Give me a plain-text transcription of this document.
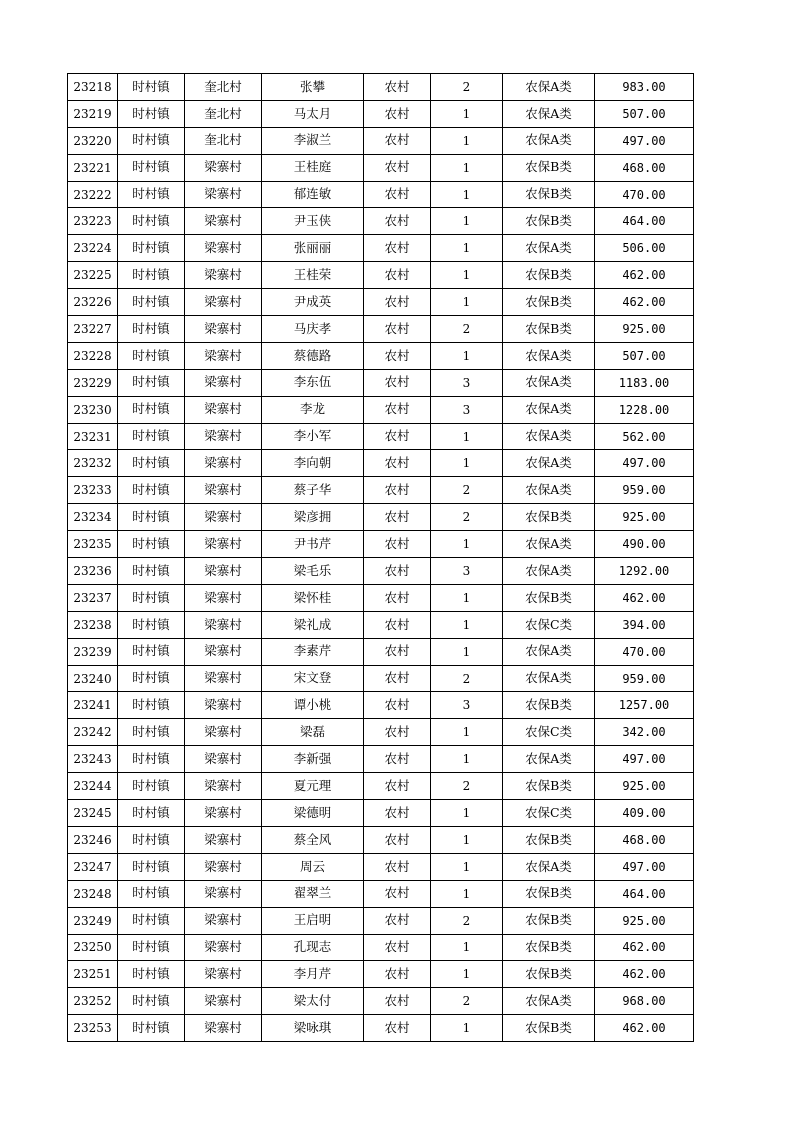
23218	时村镇	奎北村	张攀	农村	2	农保A类	983.00
23219	时村镇	奎北村	马太月	农村	1	农保A类	507.00
23220	时村镇	奎北村	李淑兰	农村	1	农保A类	497.00
23221	时村镇	梁寨村	王桂庭	农村	1	农保B类	468.00
23222	时村镇	梁寨村	郁连敏	农村	1	农保B类	470.00
23223	时村镇	梁寨村	尹玉侠	农村	1	农保B类	464.00
23224	时村镇	梁寨村	张丽丽	农村	1	农保A类	506.00
23225	时村镇	梁寨村	王桂荣	农村	1	农保B类	462.00
23226	时村镇	梁寨村	尹成英	农村	1	农保B类	462.00
23227	时村镇	梁寨村	马庆孝	农村	2	农保B类	925.00
23228	时村镇	梁寨村	蔡德路	农村	1	农保A类	507.00
23229	时村镇	梁寨村	李东伍	农村	3	农保A类	1183.00
23230	时村镇	梁寨村	李龙	农村	3	农保A类	1228.00
23231	时村镇	梁寨村	李小军	农村	1	农保A类	562.00
23232	时村镇	梁寨村	李向朝	农村	1	农保A类	497.00
23233	时村镇	梁寨村	蔡子华	农村	2	农保A类	959.00
23234	时村镇	梁寨村	梁彦拥	农村	2	农保B类	925.00
23235	时村镇	梁寨村	尹书芹	农村	1	农保A类	490.00
23236	时村镇	梁寨村	梁毛乐	农村	3	农保A类	1292.00
23237	时村镇	梁寨村	梁怀桂	农村	1	农保B类	462.00
23238	时村镇	梁寨村	梁礼成	农村	1	农保C类	394.00
23239	时村镇	梁寨村	李素芹	农村	1	农保A类	470.00
23240	时村镇	梁寨村	宋文登	农村	2	农保A类	959.00
23241	时村镇	梁寨村	谭小桃	农村	3	农保B类	1257.00
23242	时村镇	梁寨村	梁磊	农村	1	农保C类	342.00
23243	时村镇	梁寨村	李新强	农村	1	农保A类	497.00
23244	时村镇	梁寨村	夏元理	农村	2	农保B类	925.00
23245	时村镇	梁寨村	梁德明	农村	1	农保C类	409.00
23246	时村镇	梁寨村	蔡全风	农村	1	农保B类	468.00
23247	时村镇	梁寨村	周云	农村	1	农保A类	497.00
23248	时村镇	梁寨村	翟翠兰	农村	1	农保B类	464.00
23249	时村镇	梁寨村	王启明	农村	2	农保B类	925.00
23250	时村镇	梁寨村	孔现志	农村	1	农保B类	462.00
23251	时村镇	梁寨村	李月芹	农村	1	农保B类	462.00
23252	时村镇	梁寨村	梁太付	农村	2	农保A类	968.00
23253	时村镇	梁寨村	梁咏琪	农村	1	农保B类	462.00
